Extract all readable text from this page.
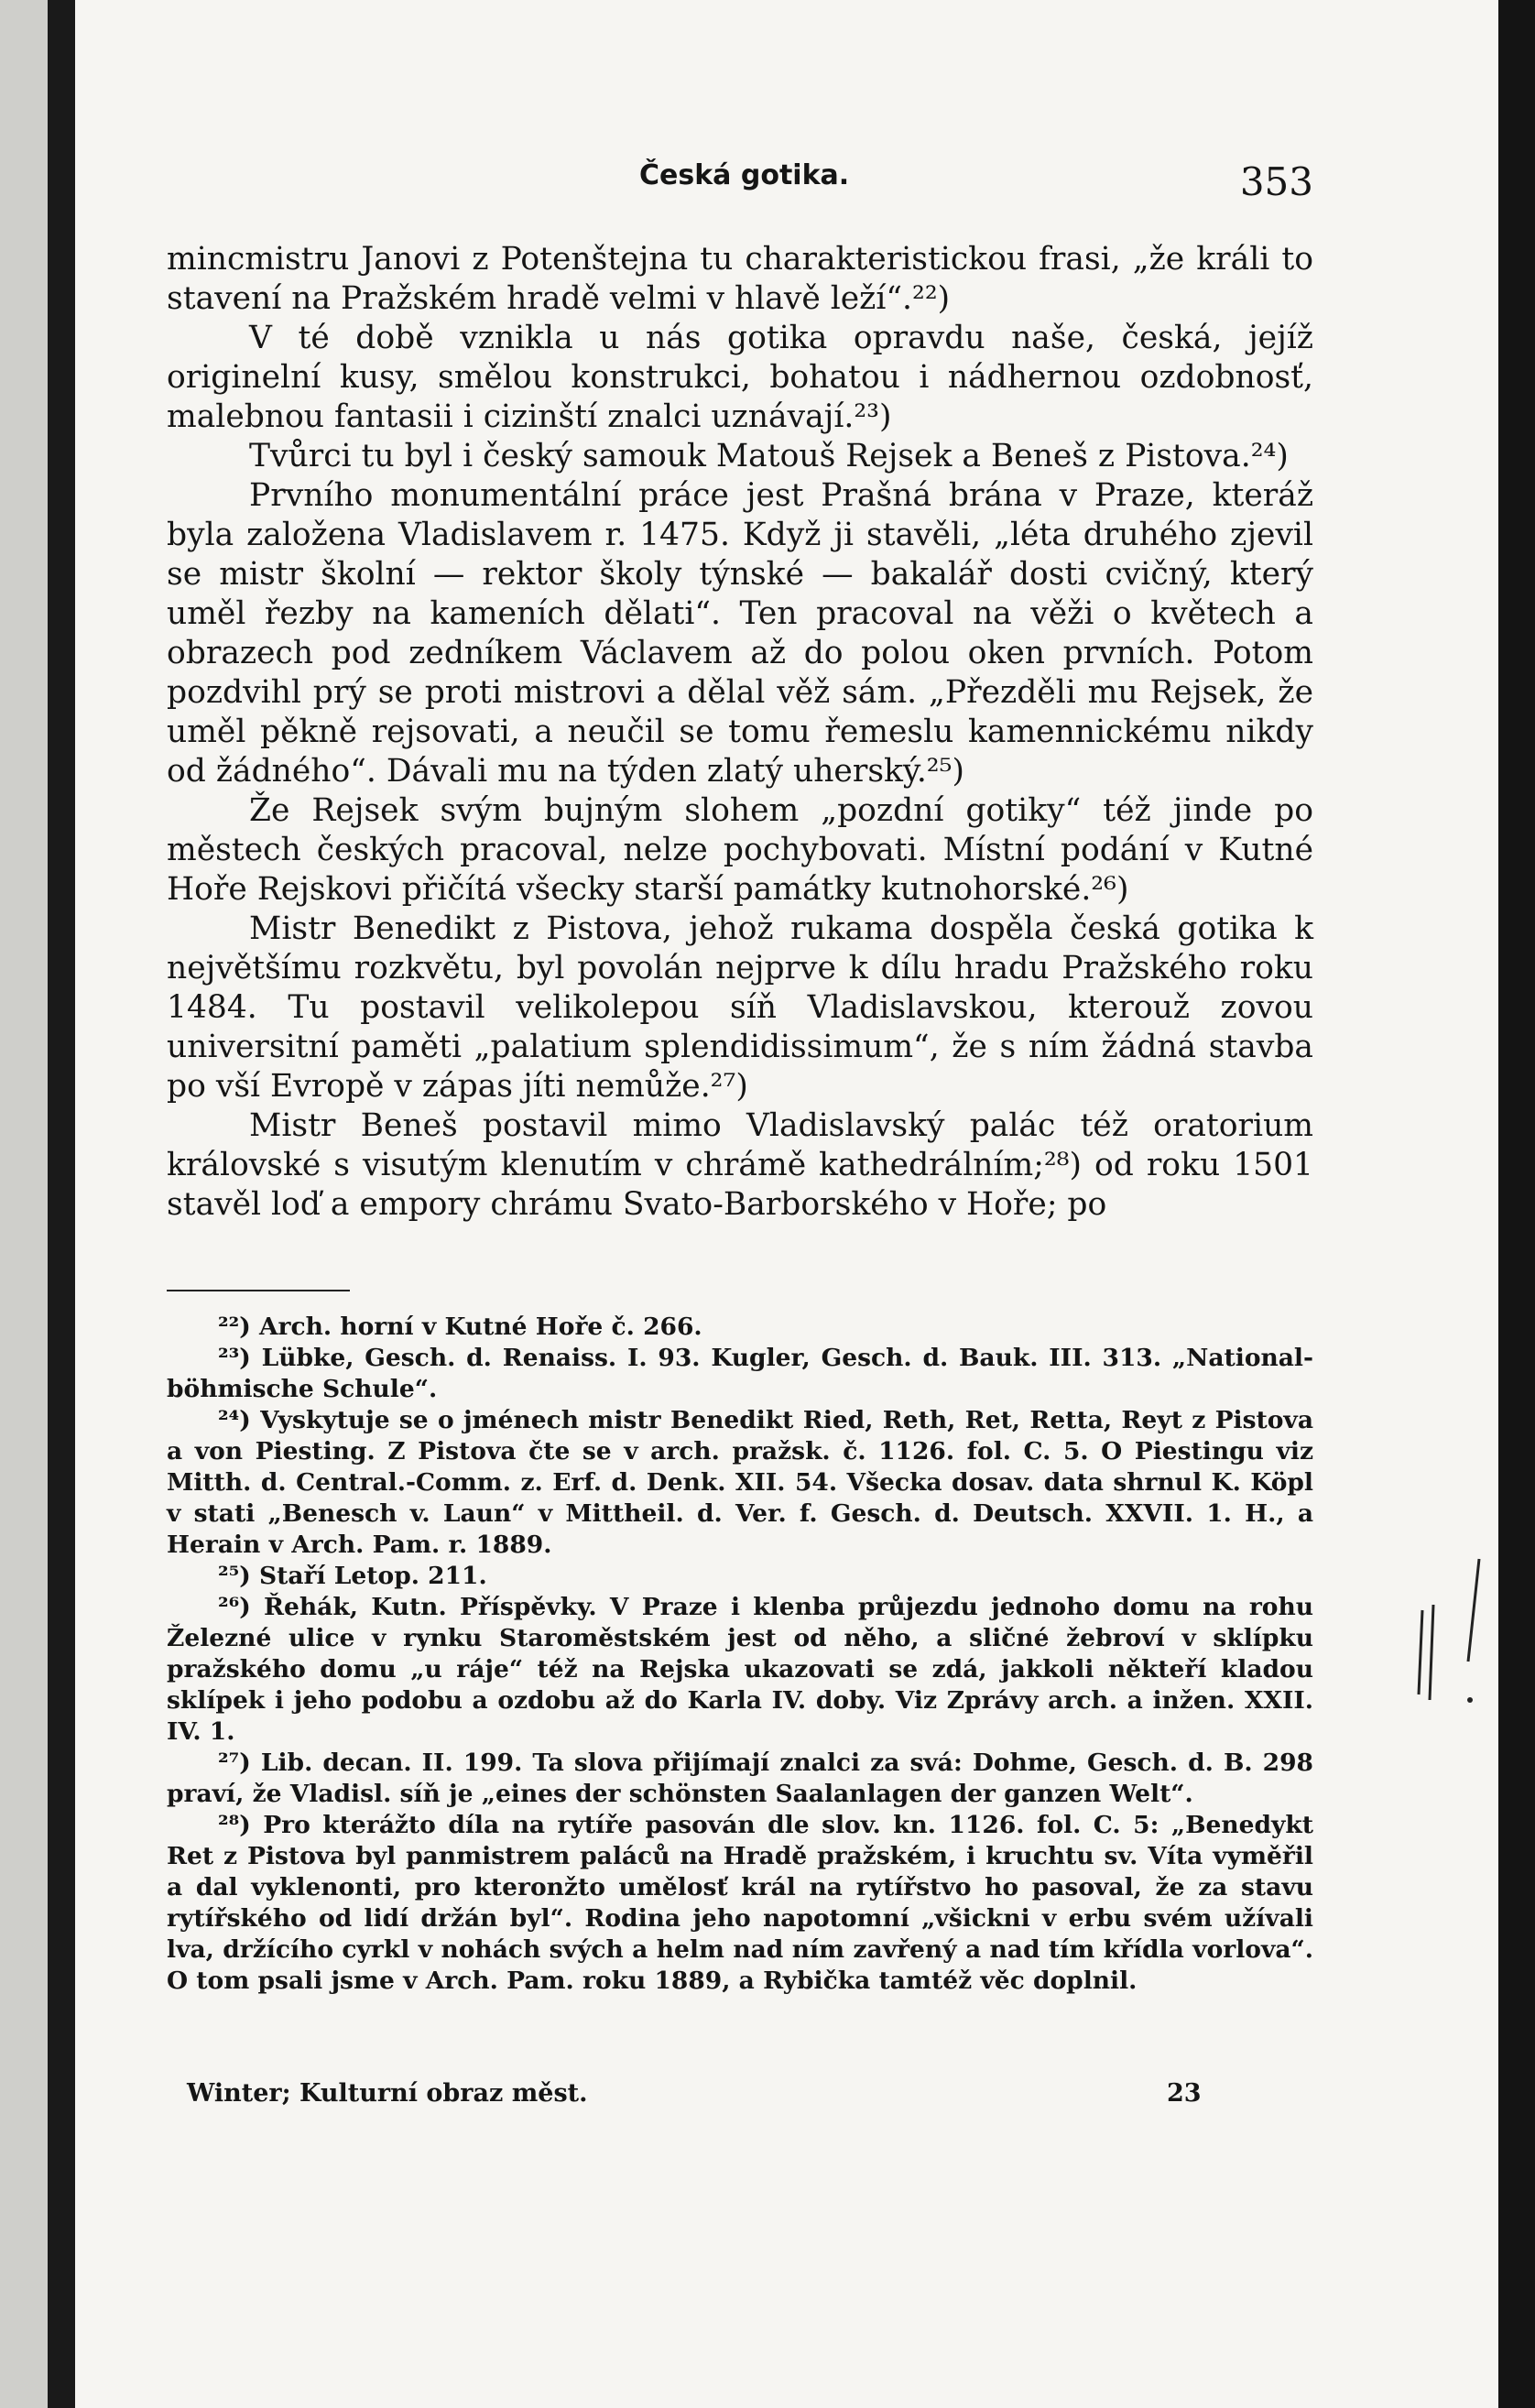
Česká gotika.	353

mincmistru Janovi z Potenštejna tu charakteristickou frasi, „že králi to stavení na Pražském hradě velmi v hlavě leží“.²²)

V té době vznikla u nás gotika opravdu naše, česká, jejíž originelní kusy, smělou konstrukci, bohatou i nádhernou ozdobnosť, malebnou fantasii i cizinští znalci uznávají.²³)

Tvůrci tu byl i český samouk Matouš Rejsek a Beneš z Pistova.²⁴)

Prvního monumentální práce jest Prašná brána v Praze, kteráž byla založena Vladislavem r. 1475. Když ji stavěli, „léta druhého zjevil se mistr školní — rektor školy týnské — bakalář dosti cvičný, který uměl řezby na kameních dělati“. Ten pracoval na věži o květech a obrazech pod zedníkem Václavem až do polou oken prvních. Potom pozdvihl prý se proti mistrovi a dělal věž sám. „Přezděli mu Rejsek, že uměl pěkně rejsovati, a neučil se tomu řemeslu kamennickému nikdy od žádného“. Dávali mu na týden zlatý uherský.²⁵)

Že Rejsek svým bujným slohem „pozdní gotiky“ též jinde po městech českých pracoval, nelze pochybovati. Místní podání v Kutné Hoře Rejskovi přičítá všecky starší památky kutnohorské.²⁶)

Mistr Benedikt z Pistova, jehož rukama dospěla česká gotika k největšímu rozkvětu, byl povolán nejprve k dílu hradu Pražského roku 1484. Tu postavil velikolepou síň Vladislavskou, kterouž zovou universitní paměti „palatium splendidissimum“, že s ním žádná stavba po vší Evropě v zápas jíti nemůže.²⁷)

Mistr Beneš postavil mimo Vladislavský palác též oratorium královské s visutým klenutím v chrámě kathedrálním;²⁸) od roku 1501 stavěl loď a empory chrámu Svato-Barborského v Hoře; po

²²) Arch. horní v Kutné Hoře č. 266.

²³) Lübke, Gesch. d. Renaiss. I. 93. Kugler, Gesch. d. Bauk. III. 313. „National-böhmische Schule“.

²⁴) Vyskytuje se o jménech mistr Benedikt Ried, Reth, Ret, Retta, Reyt z Pistova a von Piesting. Z Pistova čte se v arch. pražsk. č. 1126. fol. C. 5. O Piestingu viz Mitth. d. Central.-Comm. z. Erf. d. Denk. XII. 54. Všecka dosav. data shrnul K. Köpl v stati „Benesch v. Laun“ v Mittheil. d. Ver. f. Gesch. d. Deutsch. XXVII. 1. H., a Herain v Arch. Pam. r. 1889.

²⁵) Staří Letop. 211.

²⁶) Řehák, Kutn. Příspěvky. V Praze i klenba průjezdu jednoho domu na rohu Železné ulice v rynku Staroměstském jest od něho, a sličné žebroví v sklípku pražského domu „u ráje“ též na Rejska ukazovati se zdá, jakkoli někteří kladou sklípek i jeho podobu a ozdobu až do Karla IV. doby. Viz Zprávy arch. a inžen. XXII. IV. 1.

²⁷) Lib. decan. II. 199. Ta slova přijímají znalci za svá: Dohme, Gesch. d. B. 298 praví, že Vladisl. síň je „eines der schönsten Saalanlagen der ganzen Welt“.

²⁸) Pro kterážto díla na rytíře pasován dle slov. kn. 1126. fol. C. 5: „Benedykt Ret z Pistova byl panmistrem paláců na Hradě pražském, i kruchtu sv. Víta vyměřil a dal vyklenonti, pro kteronžto umělosť král na rytířstvo ho pasoval, že za stavu rytířského od lidí držán byl“. Rodina jeho napotomní „všickni v erbu svém užívali lva, držícího cyrkl v nohách svých a helm nad ním zavřený a nad tím křídla vorlova“. O tom psali jsme v Arch. Pam. roku 1889, a Rybička tamtéž věc doplnil.

Winter; Kulturní obraz měst.	23
